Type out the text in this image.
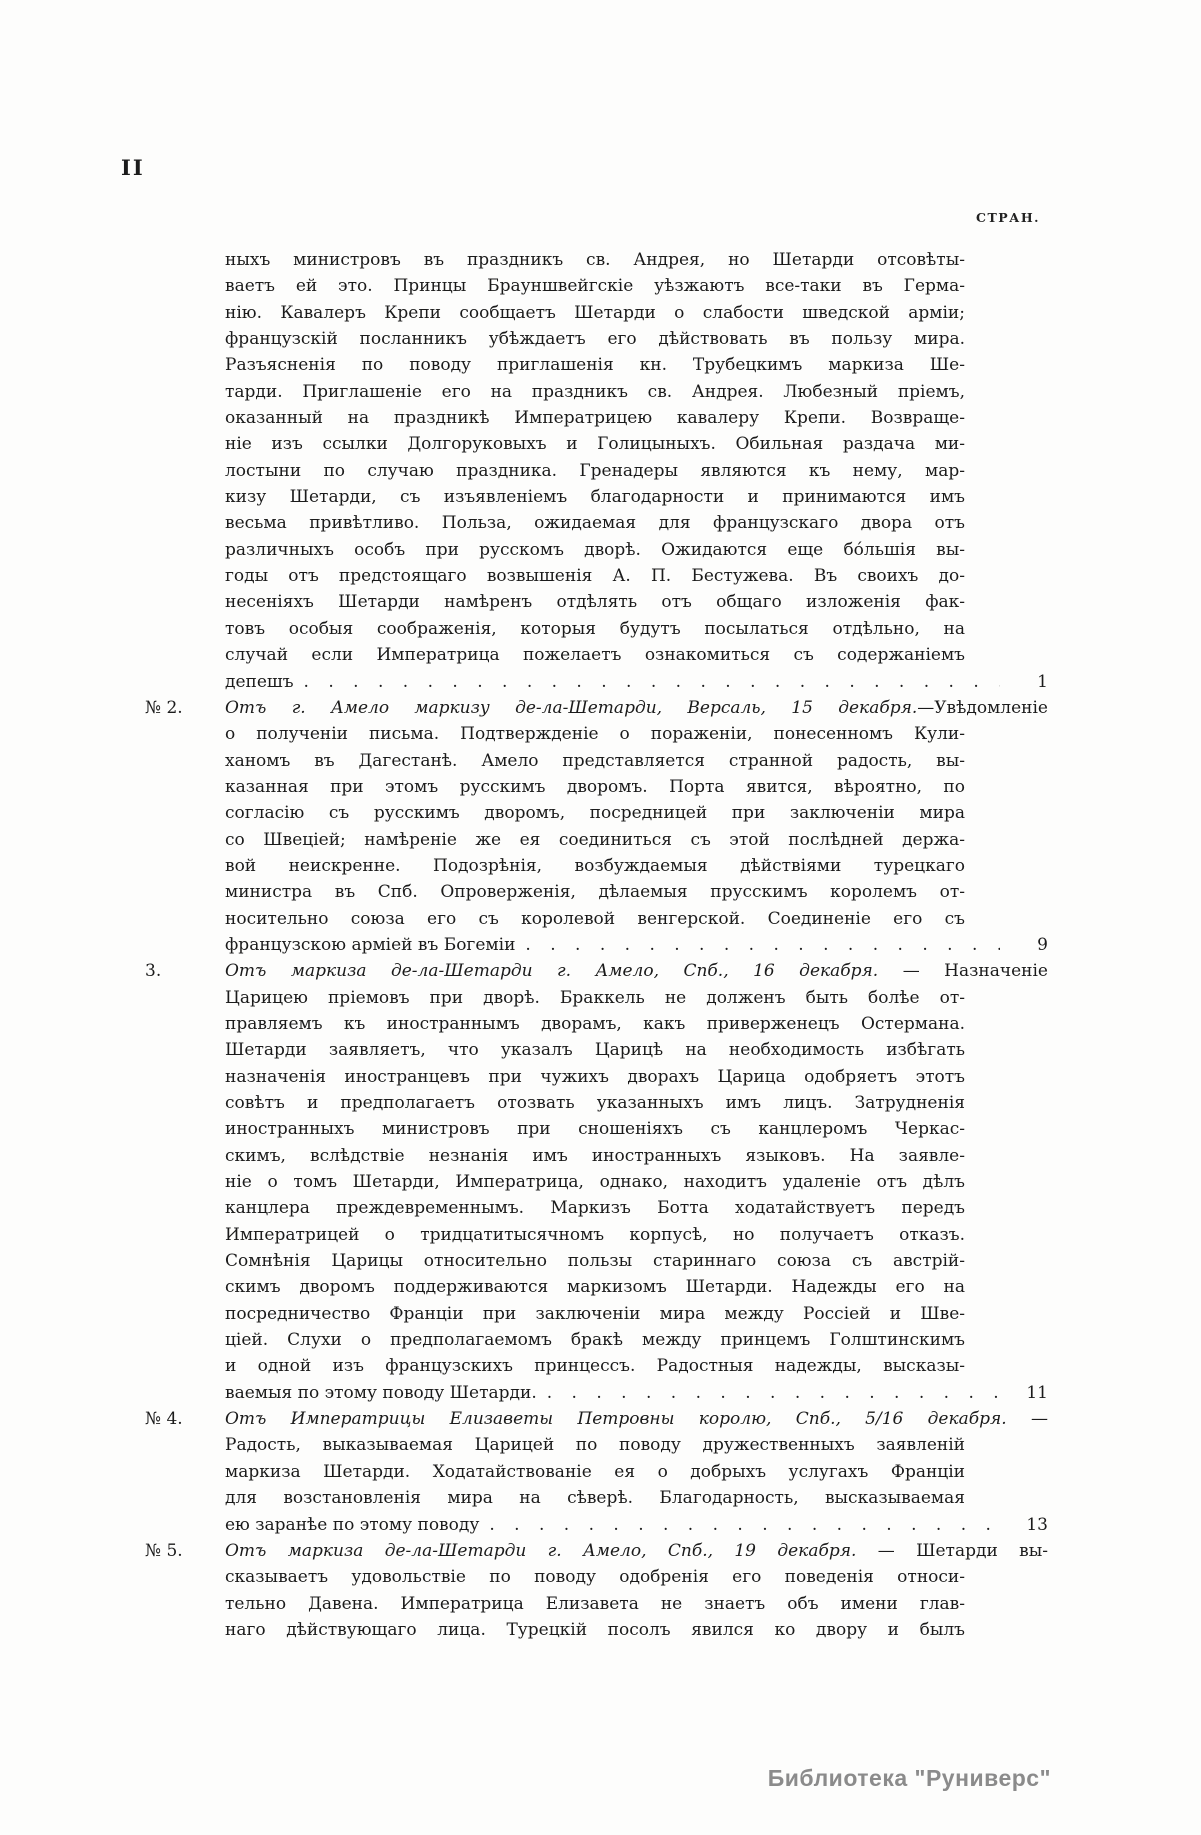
II
СТРАН.
ныхъ министровъ въ праздникъ св. Андрея, но Шетарди отсовѣты-
ваетъ ей это. Принцы Брауншвейгскіе уѣзжаютъ все-таки въ Герма-
нію. Кавалеръ Крепи сообщаетъ Шетарди о слабости шведской арміи;
французскій посланникъ убѣждаетъ его дѣйствовать въ пользу мира.
Разъясненія по поводу приглашенія кн. Трубецкимъ маркиза Ше-
тарди. Приглашеніе его на праздникъ св. Андрея. Любезный пріемъ,
оказанный на праздникѣ Императрицею кавалеру Крепи. Возвраще-
ніе изъ ссылки Долгоруковыхъ и Голицыныхъ. Обильная раздача ми-
лостыни по случаю праздника. Гренадеры являются къ нему, мар-
кизу Шетарди, съ изъявленіемъ благодарности и принимаются имъ
весьма привѣтливо. Польза, ожидаемая для французскаго двора отъ
различныхъ особъ при русскомъ дворѣ. Ожидаются еще бо́льшія вы-
годы отъ предстоящаго возвышенія А. П. Бестужева. Въ своихъ до-
несеніяхъ Шетарди намѣренъ отдѣлять отъ общаго изложенія фак-
товъ особыя соображенія, которыя будутъ посылаться отдѣльно, на
случай если Императрица пожелаетъ ознакомиться съ содержаніемъ
депешъ . . .	1
№ 2.	Отъ г. Амело маркизу де-ла-Шетарди, Версаль, 15 декабря.—Увѣдомленіе
о полученіи письма. Подтвержденіе о пораженіи, понесенномъ Кули-
ханомъ въ Дагестанѣ. Амело представляется странной радость, вы-
казанная при этомъ русскимъ дворомъ. Порта явится, вѣроятно, по
согласію съ русскимъ дворомъ, посредницей при заключеніи мира
со Швеціей; намѣреніе же ея соединиться съ этой послѣдней держа-
вой неискренне. Подозрѣнія, возбуждаемыя дѣйствіями турецкаго
министра въ Спб. Опроверженія, дѣлаемыя прусскимъ королемъ от-
носительно союза его съ королевой венгерской. Соединеніе его съ
французскою арміей въ Богеміи . . .	9
3.	Отъ маркиза де-ла-Шетарди г. Амело, Спб., 16 декабря. — Назначеніе
Царицею пріемовъ при дворѣ. Браккель не долженъ быть болѣе от-
правляемъ къ иностраннымъ дворамъ, какъ приверженецъ Остермана.
Шетарди заявляетъ, что указалъ Царицѣ на необходимость избѣгать
назначенія иностранцевъ при чужихъ дворахъ Царица одобряетъ этотъ
совѣтъ и предполагаетъ отозвать указанныхъ имъ лицъ. Затрудненія
иностранныхъ министровъ при сношеніяхъ съ канцлеромъ Черкас-
скимъ, вслѣдствіе незнанія имъ иностранныхъ языковъ. На заявле-
ніе о томъ Шетарди, Императрица, однако, находитъ удаленіе отъ дѣлъ
канцлера преждевременнымъ. Маркизъ Ботта ходатайствуетъ передъ
Императрицей о тридцатитысячномъ корпусѣ, но получаетъ отказъ.
Сомнѣнія Царицы относительно пользы стариннаго союза съ австрій-
скимъ дворомъ поддерживаются маркизомъ Шетарди. Надежды его на
посредничество Франціи при заключеніи мира между Россіей и Шве-
ціей. Слухи о предполагаемомъ бракѣ между принцемъ Голштинскимъ
и одной изъ французскихъ принцессъ. Радостныя надежды, высказы-
ваемыя по этому поводу Шетарди. . . .	11
№ 4.	Отъ Императрицы Елизаветы Петровны королю, Спб., 5/16 декабря. —
Радость, выказываемая Царицей по поводу дружественныхъ заявленій
маркиза Шетарди. Ходатайствованіе ея о добрыхъ услугахъ Франціи
для возстановленія мира на сѣверѣ. Благодарность, высказываемая
ею заранѣе по этому поводу . . .	13
№ 5.	Отъ маркиза де-ла-Шетарди г. Амело, Спб., 19 декабря. — Шетарди вы-
сказываетъ удовольствіе по поводу одобренія его поведенія относи-
тельно Давена. Императрица Елизавета не знаетъ объ имени глав-
наго дѣйствующаго лица. Турецкій посолъ явился ко двору и былъ
Библиотека "Руниверс"
